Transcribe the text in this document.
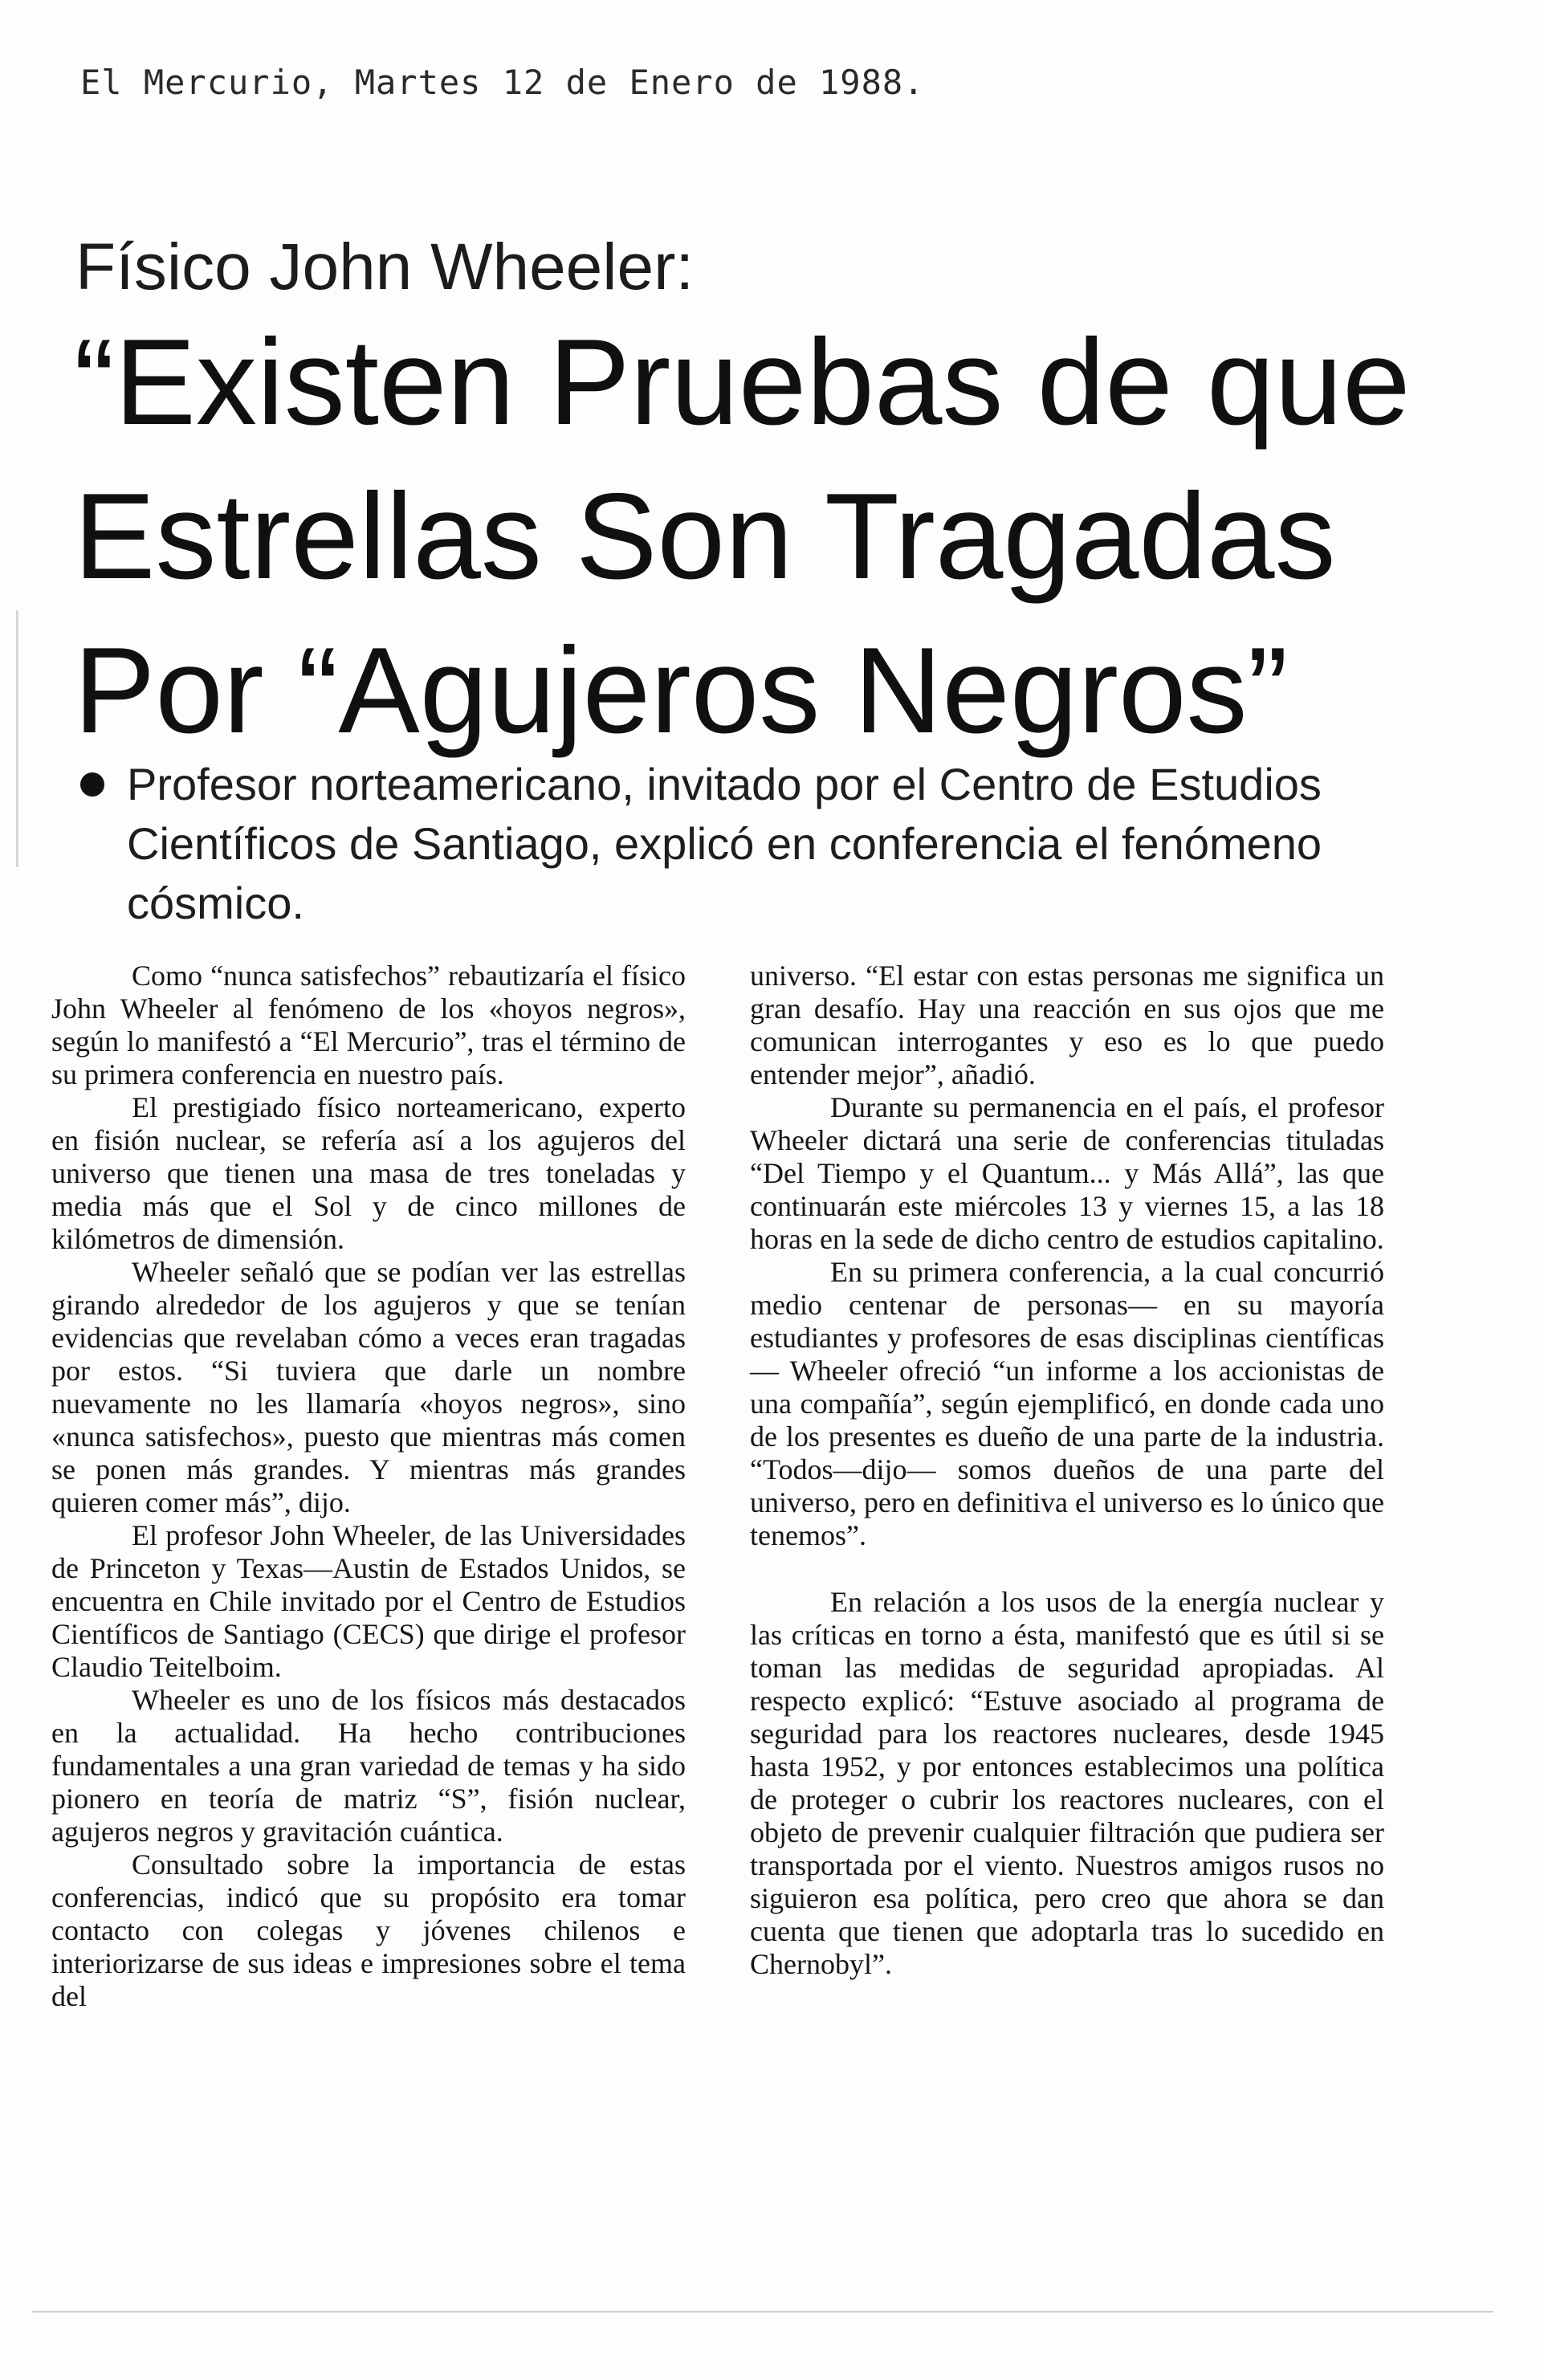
El Mercurio, Martes 12 de Enero de 1988.

Físico John Wheeler:
“Existen Pruebas de que Estrellas Son Tragadas Por “Agujeros Negros”
Profesor norteamericano, invitado por el Centro de Estudios Científicos de Santiago, explicó en conferencia el fenómeno cósmico.

Como “nunca satisfechos” rebautizaría el físico John Wheeler al fenómeno de los «hoyos negros», según lo manifestó a “El Mercurio”, tras el término de su primera conferencia en nuestro país.

El prestigiado físico norteamericano, experto en fisión nuclear, se refería así a los agujeros del universo que tienen una masa de tres toneladas y media más que el Sol y de cinco millones de kilómetros de dimensión.

Wheeler señaló que se podían ver las estrellas girando alrededor de los agujeros y que se tenían evidencias que revelaban cómo a veces eran tragadas por estos. “Si tuviera que darle un nombre nuevamente no les llamaría «hoyos negros», sino «nunca satisfechos», puesto que mientras más comen se ponen más grandes. Y mientras más grandes quieren comer más”, dijo.

El profesor John Wheeler, de las Universidades de Princeton y Texas—Austin de Estados Unidos, se encuentra en Chile invitado por el Centro de Estudios Científicos de Santiago (CECS) que dirige el profesor Claudio Teitelboim.

Wheeler es uno de los físicos más destacados en la actualidad. Ha hecho contribuciones fundamentales a una gran variedad de temas y ha sido pionero en teoría de matriz “S”, fisión nuclear, agujeros negros y gravitación cuántica.

Consultado sobre la importancia de estas conferencias, indicó que su propósito era tomar contacto con colegas y jóvenes chilenos e interiorizarse de sus ideas e impresiones sobre el tema del

universo. “El estar con estas personas me significa un gran desafío. Hay una reacción en sus ojos que me comunican interrogantes y eso es lo que puedo entender mejor”, añadió.

Durante su permanencia en el país, el profesor Wheeler dictará una serie de conferencias tituladas “Del Tiempo y el Quantum... y Más Allá”, las que continuarán este miércoles 13 y viernes 15, a las 18 horas en la sede de dicho centro de estudios capitalino.

En su primera conferencia, a la cual concurrió medio centenar de personas— en su mayoría estudiantes y profesores de esas disciplinas científicas— Wheeler ofreció “un informe a los accionistas de una compañía”, según ejemplificó, en donde cada uno de los presentes es dueño de una parte de la industria. “Todos—dijo— somos dueños de una parte del universo, pero en definitiva el universo es lo único que tenemos”.

En relación a los usos de la energía nuclear y las críticas en torno a ésta, manifestó que es útil si se toman las medidas de seguridad apropiadas. Al respecto explicó: “Estuve asociado al programa de seguridad para los reactores nucleares, desde 1945 hasta 1952, y por entonces establecimos una política de proteger o cubrir los reactores nucleares, con el objeto de prevenir cualquier filtración que pudiera ser transportada por el viento. Nuestros amigos rusos no siguieron esa política, pero creo que ahora se dan cuenta que tienen que adoptarla tras lo sucedido en Chernobyl”.
